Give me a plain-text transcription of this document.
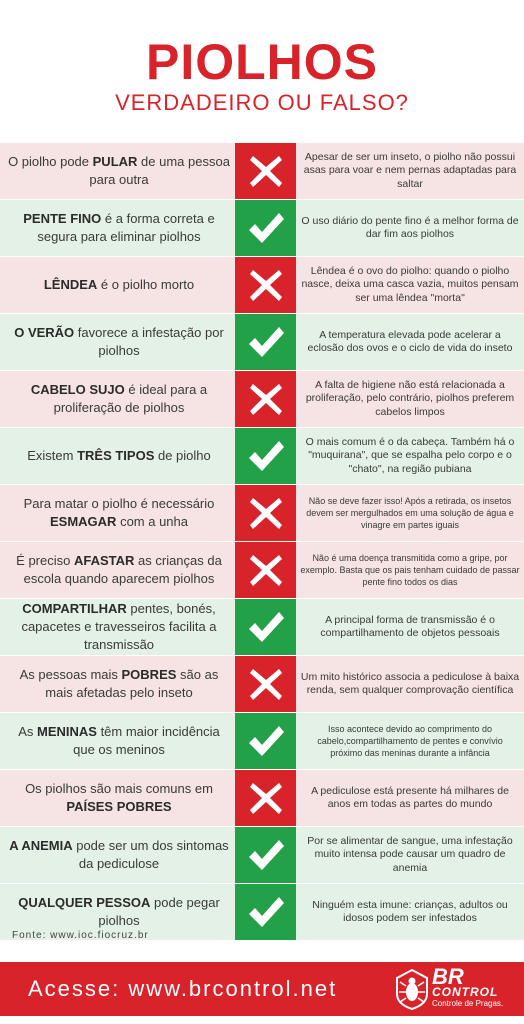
PIOLHOS
VERDADEIRO OU FALSO?
O piolho pode PULAR de uma pessoa para outra
Apesar de ser um inseto, o piolho não possui asas para voar e nem pernas adaptadas para saltar
PENTE FINO é a forma correta e segura para eliminar piolhos
O uso diário do pente fino é a melhor forma de dar fim aos piolhos
LÊNDEA é o piolho morto
Lêndea é o ovo do piolho: quando o piolho nasce, deixa uma casca vazia, muitos pensam ser uma lêndea "morta"
O VERÃO favorece a infestação por piolhos
A temperatura elevada pode acelerar a eclosão dos ovos e o ciclo de vida do inseto
CABELO SUJO é ideal para a proliferação de piolhos
A falta de higiene não está relacionada a proliferação, pelo contrário, piolhos preferem cabelos limpos
Existem TRÊS TIPOS de piolho
O mais comum é o da cabeça. Também há o "muquirana", que se espalha pelo corpo e o "chato", na região pubiana
Para matar o piolho é necessário ESMAGAR com a unha
Não se deve fazer isso! Após a retirada, os insetos devem ser mergulhados em uma solução de água e vinagre em partes iguais
É preciso AFASTAR as crianças da escola quando aparecem piolhos
Não é uma doença transmitida como a gripe, por exemplo. Basta que os pais tenham cuidado de passar pente fino todos os dias
COMPARTILHAR pentes, bonés, capacetes e travesseiros facilita a transmissão
A principal forma de transmissão é o compartilhamento de objetos pessoais
As pessoas mais POBRES são as mais afetadas pelo inseto
Um mito histórico associa a pediculose à baixa renda, sem qualquer comprovação científica
As MENINAS têm maior incidência que os meninos
Isso acontece devido ao comprimento do cabelo,compartilhamento de pentes e convívio próximo das meninas durante a infância
Os piolhos são mais comuns em PAÍSES POBRES
A pediculose está presente há milhares de anos em todas as partes do mundo
A ANEMIA pode ser um dos sintomas da pediculose
Por se alimentar de sangue, uma infestação muito intensa pode causar um quadro de anemia
QUALQUER PESSOA pode pegar piolhos
Ninguém esta imune: crianças, adultos ou idosos podem ser infestados
Fonte: www.ioc.fiocruz.br
Acesse: www.brcontrol.net	BR
CONTROL
Controle de Pragas.
